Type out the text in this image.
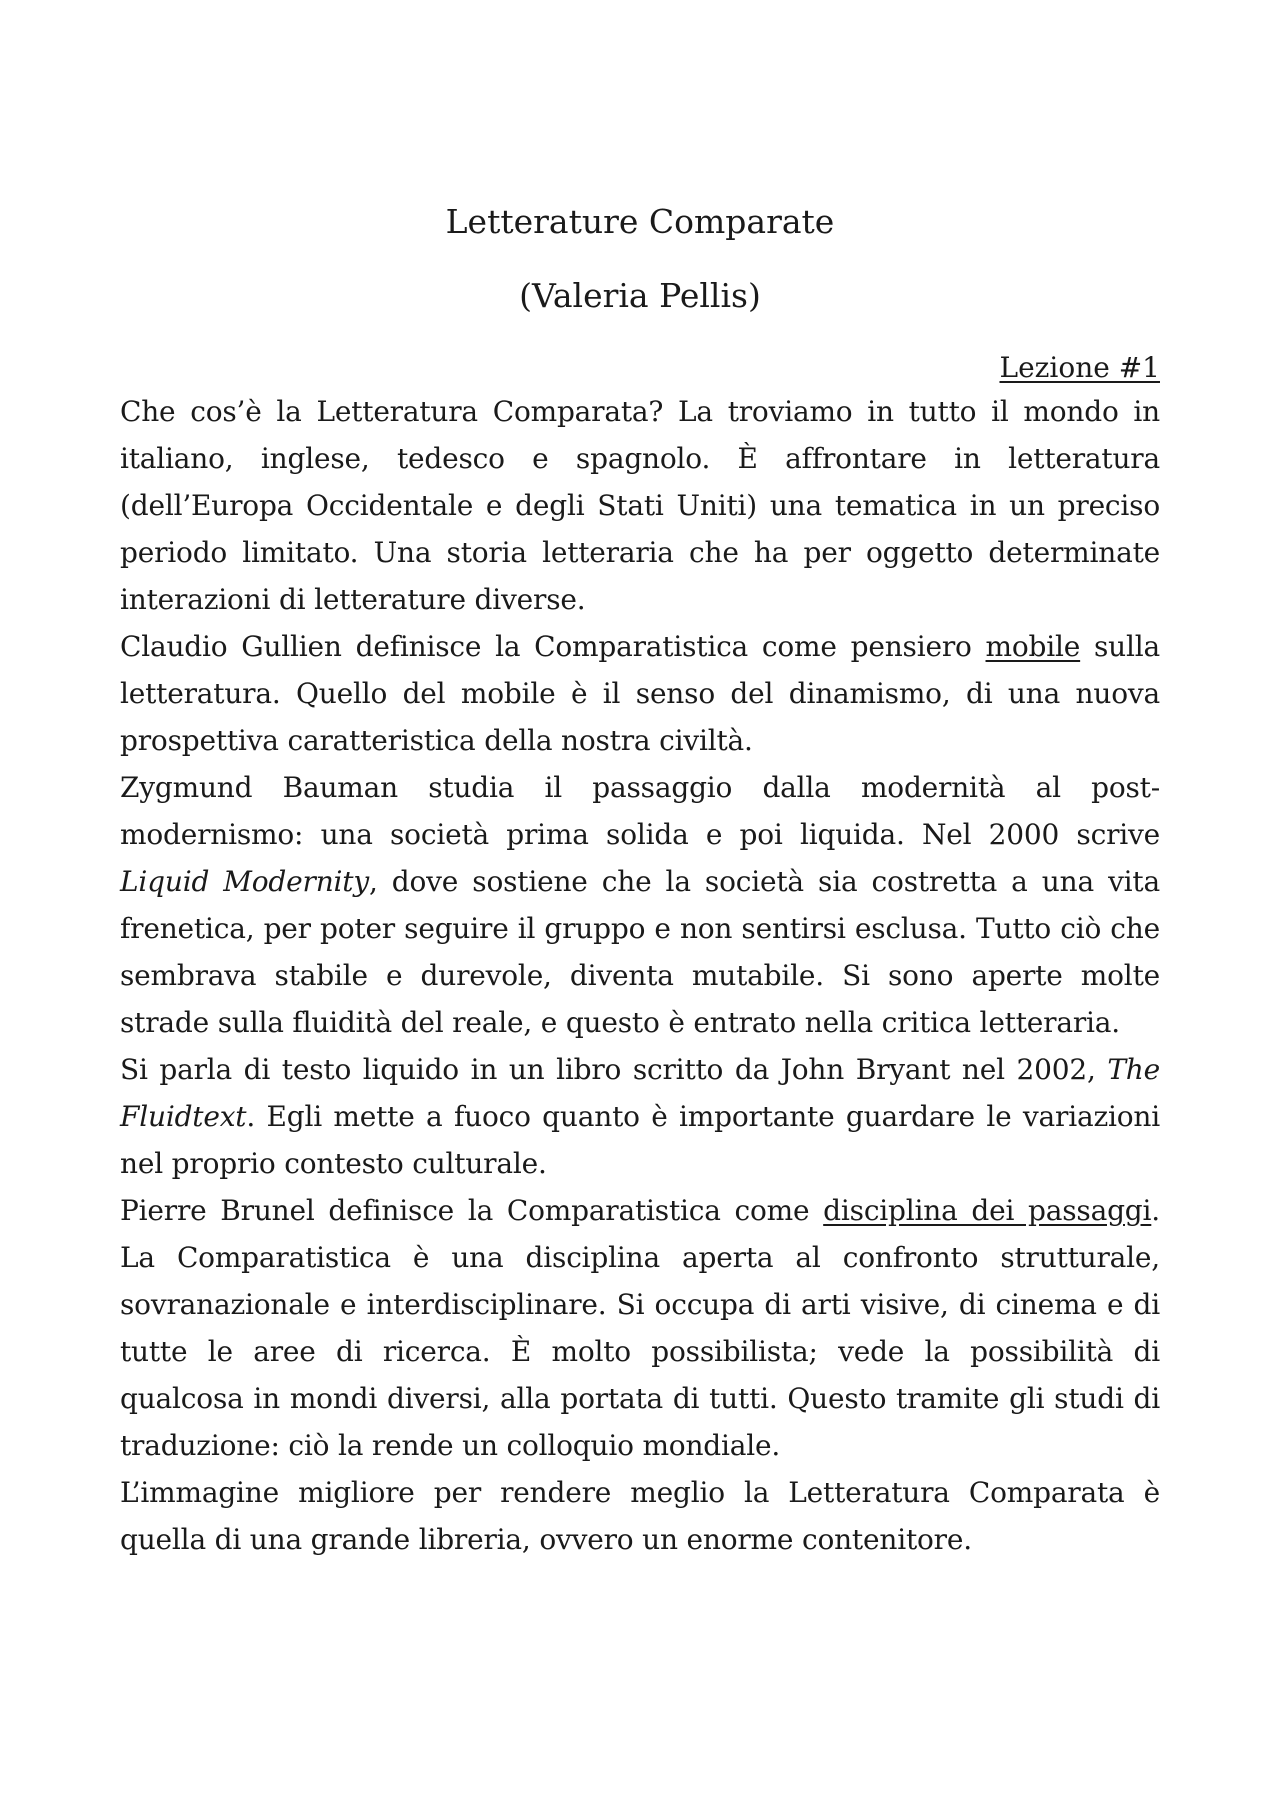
Letterature Comparate
(Valeria Pellis)
Lezione #1

Che cos’è la Letteratura Comparata? La troviamo in tutto il mondo in italiano, inglese, tedesco e spagnolo. È affrontare in letteratura (dell’Europa Occidentale e degli Stati Uniti) una tematica in un preciso periodo limitato. Una storia letteraria che ha per oggetto determinate interazioni di letterature diverse.

Claudio Gullien definisce la Comparatistica come pensiero mobile sulla letteratura. Quello del mobile è il senso del dinamismo, di una nuova prospettiva caratteristica della nostra civiltà.

Zygmund Bauman studia il passaggio dalla modernità al post-modernismo: una società prima solida e poi liquida. Nel 2000 scrive Liquid Modernity, dove sostiene che la società sia costretta a una vita frenetica, per poter seguire il gruppo e non sentirsi esclusa. Tutto ciò che sembrava stabile e durevole, diventa mutabile. Si sono aperte molte strade sulla fluidità del reale, e questo è entrato nella critica letteraria.

Si parla di testo liquido in un libro scritto da John Bryant nel 2002, The Fluidtext. Egli mette a fuoco quanto è importante guardare le variazioni nel proprio contesto culturale.

Pierre Brunel definisce la Comparatistica come disciplina dei passaggi. La Comparatistica è una disciplina aperta al confronto strutturale, sovranazionale e interdisciplinare. Si occupa di arti visive, di cinema e di tutte le aree di ricerca. È molto possibilista; vede la possibilità di qualcosa in mondi diversi, alla portata di tutti. Questo tramite gli studi di traduzione: ciò la rende un colloquio mondiale.

L’immagine migliore per rendere meglio la Letteratura Comparata è quella di una grande libreria, ovvero un enorme contenitore.
